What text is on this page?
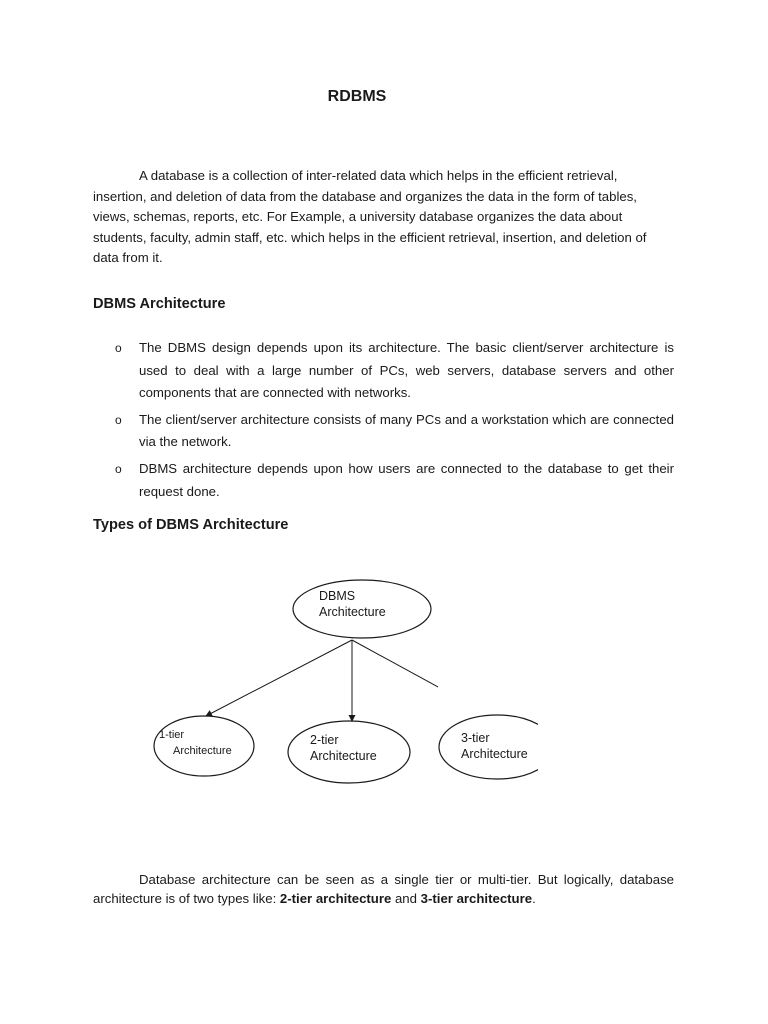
RDBMS

A database is a collection of inter-related data which helps in the efficient retrieval, insertion, and deletion of data from the database and organizes the data in the form of tables, views, schemas, reports, etc. For Example, a university database organizes the data about students, faculty, admin staff, etc. which helps in the efficient retrieval, insertion, and deletion of data from it.

DBMS Architecture
o The DBMS design depends upon its architecture. The basic client/server architecture is used to deal with a large number of PCs, web servers, database servers and other components that are connected with networks.
o The client/server architecture consists of many PCs and a workstation which are connected via the network.
o DBMS architecture depends upon how users are connected to the database to get their request done.
Types of DBMS Architecture
DBMS
Architecture
1-tier
Architecture
2-tier
Architecture
3-tier
Architecture

Database architecture can be seen as a single tier or multi-tier. But logically, database architecture is of two types like: 2-tier architecture and 3-tier architecture.
